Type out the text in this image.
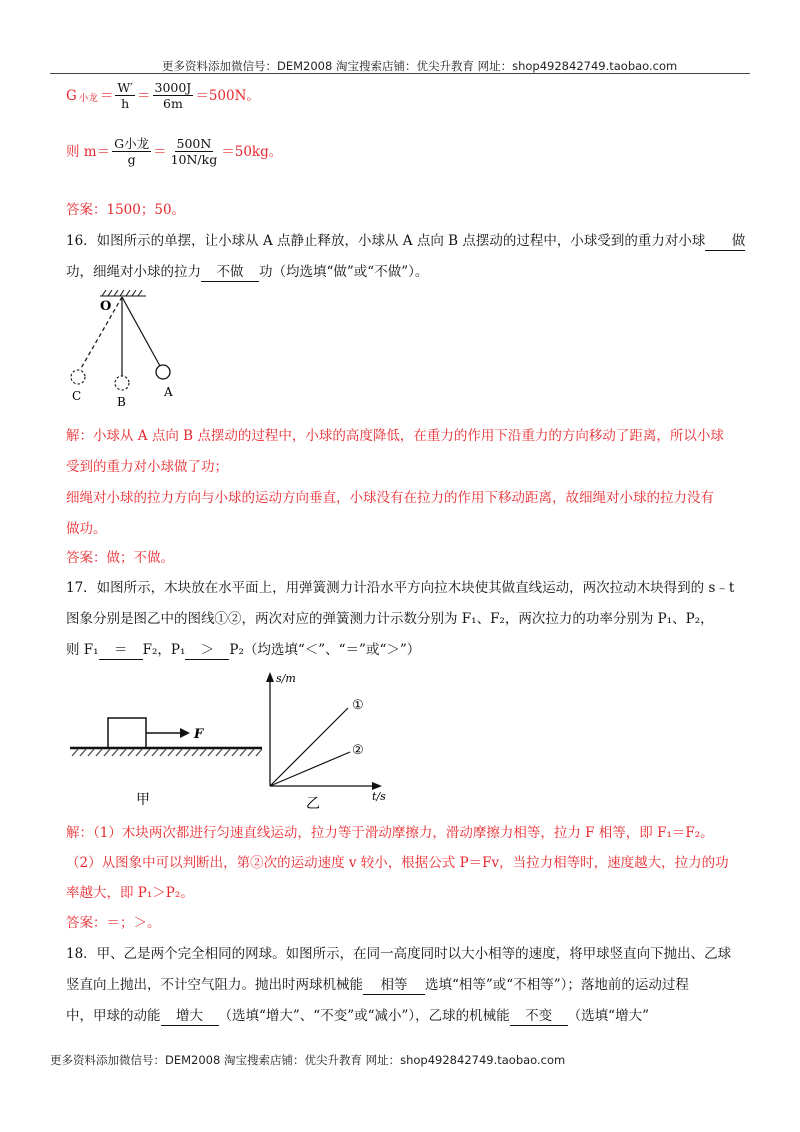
更多资料添加微信号：DEM2008 淘宝搜索店铺：优尖升教育 网址：shop492842749.taobao.com
G 小龙 ＝ $\frac{W'}{h} = \frac{3000J}{6m} =500N$。
则 $m= \frac{\text{G小龙}}{g} = \frac{500N}{10N/kg} =50kg$。
答案：1500；50。
16．如图所示的单摆，让小球从 A 点静止释放，小球从 A 点向 B 点摆动的过程中，小球受到的重力对小球 做
功，细绳对小球的拉力 不做 功（均选填“做”或“不做”）。
O
A
B
C
解：小球从 A 点向 B 点摆动的过程中，小球的高度降低，在重力的作用下沿重力的方向移动了距离，所以小球
受到的重力对小球做了功；
细绳对小球的拉力方向与小球的运动方向垂直，小球没有在拉力的作用下移动距离，故细绳对小球的拉力没有
做功。
答案：做；不做。
17．如图所示，木块放在水平面上，用弹簧测力计沿水平方向拉木块使其做直线运动，两次拉动木块得到的 s﹣t
图象分别是图乙中的图线①②，两次对应的弹簧测力计示数分别为 F₁、F₂，两次拉力的功率分别为 P₁、P₂，
则 F₁ ＝ F₂，P₁ ＞ P₂（均选填“＜”、“＝”或“＞”）
F
甲
s/m
t/s
①
②
乙
解：（1）木块两次都进行匀速直线运动，拉力等于滑动摩擦力，滑动摩擦力相等，拉力 F 相等，即 F₁＝F₂。
（2）从图象中可以判断出，第②次的运动速度 v 较小，根据公式 P＝Fv，当拉力相等时，速度越大，拉力的功
率越大，即 P₁＞P₂。
答案：＝；＞。
18．甲、乙是两个完全相同的网球。如图所示，在同一高度同时以大小相等的速度，将甲球竖直向下抛出、乙球
竖直向上抛出，不计空气阻力。抛出时两球机械能 相等 选填“相等”或“不相等”）；落地前的运动过程
中，甲球的动能 增大 （选填“增大”、“不变”或“减小”），乙球的机械能 不变 （选填“增大”
更多资料添加微信号：DEM2008 淘宝搜索店铺：优尖升教育 网址：shop492842749.taobao.com
